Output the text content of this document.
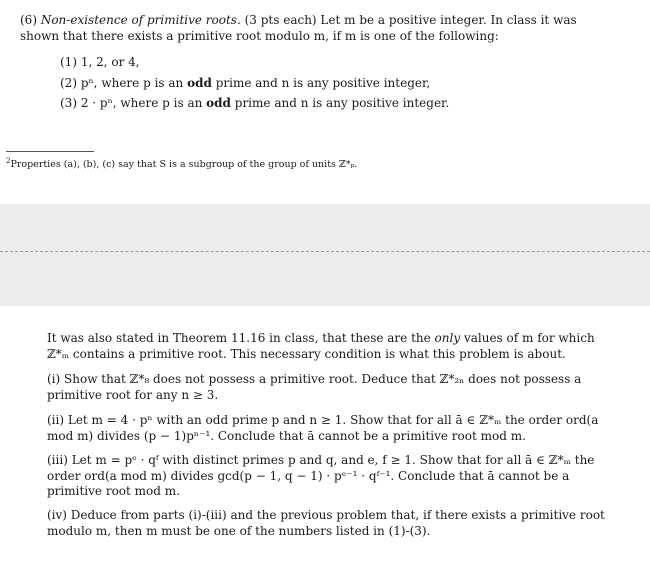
(6) Non-existence of primitive roots. (3 pts each) Let m be a positive integer. In class it was shown that there exists a primitive root modulo m, if m is one of the following:
(1) 1, 2, or 4,
(2) pⁿ, where p is an odd prime and n is any positive integer,
(3) 2 · pⁿ, where p is an odd prime and n is any positive integer.
$^2$Properties (a), (b), (c) say that S is a subgroup of the group of units ℤ*ₚ.
It was also stated in Theorem 11.16 in class, that these are the only values of m for which ℤ*ₘ contains a primitive root. This necessary condition is what this problem is about.
(i) Show that ℤ*₈ does not possess a primitive root. Deduce that ℤ*₂ₙ does not possess a primitive root for any n ≥ 3.
(ii) Let m = 4 · pⁿ with an odd prime p and n ≥ 1. Show that for all ā ∈ ℤ*ₘ the order ord(a mod m) divides (p − 1)pⁿ⁻¹. Conclude that ā cannot be a primitive root mod m.
(iii) Let m = pᵉ · qᶠ with distinct primes p and q, and e, f ≥ 1. Show that for all ā ∈ ℤ*ₘ the order ord(a mod m) divides gcd(p − 1, q − 1) · pᵉ⁻¹ · qᶠ⁻¹. Conclude that ā cannot be a primitive root mod m.
(iv) Deduce from parts (i)-(iii) and the previous problem that, if there exists a primitive root modulo m, then m must be one of the numbers listed in (1)-(3).
